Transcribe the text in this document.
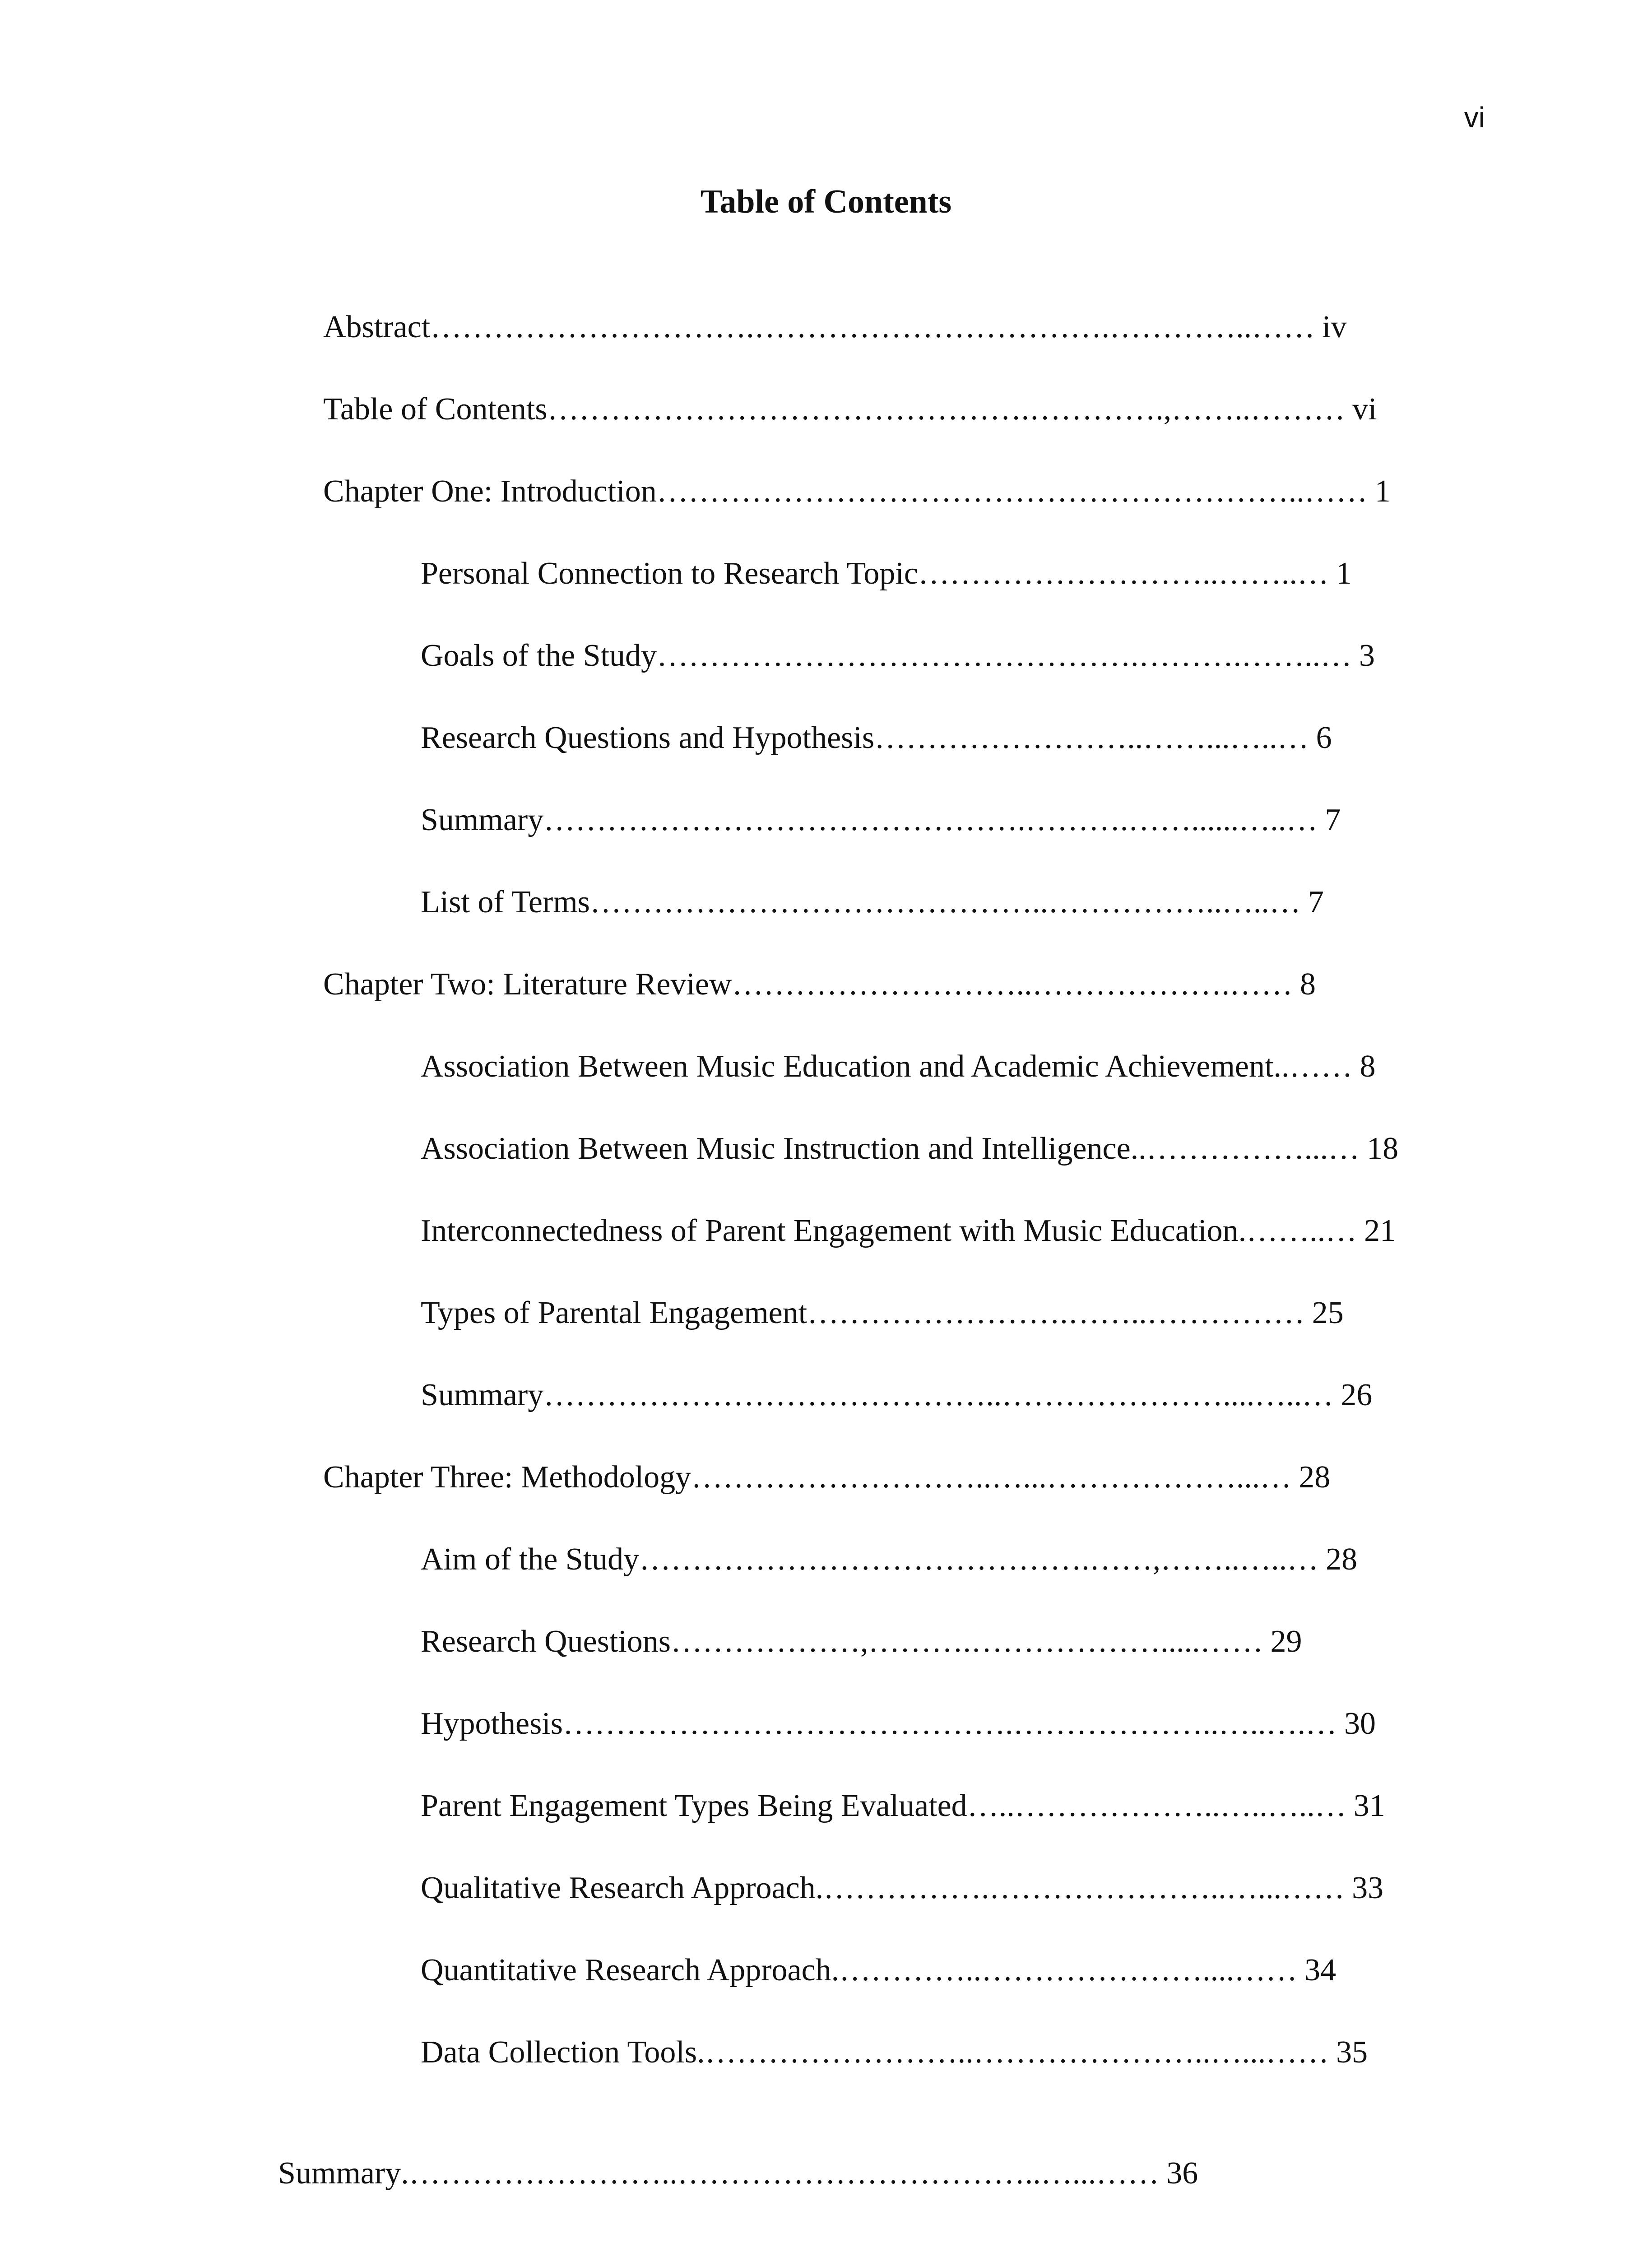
vi
Table of Contents
Abstract………………………….…………………………….…………..…… iv
Table of Contents……………………………………….………….,……..……… vi
Chapter One: Introduction……………………………………………………..…… 1
Personal Connection to Research Topic………………………..……..… 1
Goals of the Study……………………………………….……….……..… 3
Research Questions and Hypothesis……………………..……...…..… 6
Summary……………………………………….……….……......…..… 7
List of Terms……………………………………..……………..…..… 7
Chapter Two: Literature Review………………………..……………….…… 8
Association Between Music Education and Academic Achievement..…… 8
Association Between Music Instruction and Intelligence..……………...… 18
Interconnectedness of Parent Engagement with Music Education.……..… 21
Types of Parental Engagement…………………….……..…………… 25
Summary……………………………………..…………………....…..… 26
Chapter Three: Methodology………………………..…...………………...… 28
Aim of the Study…………………………………….……,……..…..… 28
Research Questions………………,……….……………….....…… 29
Hypothesis…………………………………….………………..…..….… 30
Parent Engagement Types Being Evaluated…..………………..…..…..… 31
Qualitative Research Approach.…………….…………………..…...…… 33
Quantitative Research Approach.…………..…………………....…… 34
Data Collection Tools.……………………..…………………..…...…… 35
Summary.……………………..……………………………..…...…… 36
